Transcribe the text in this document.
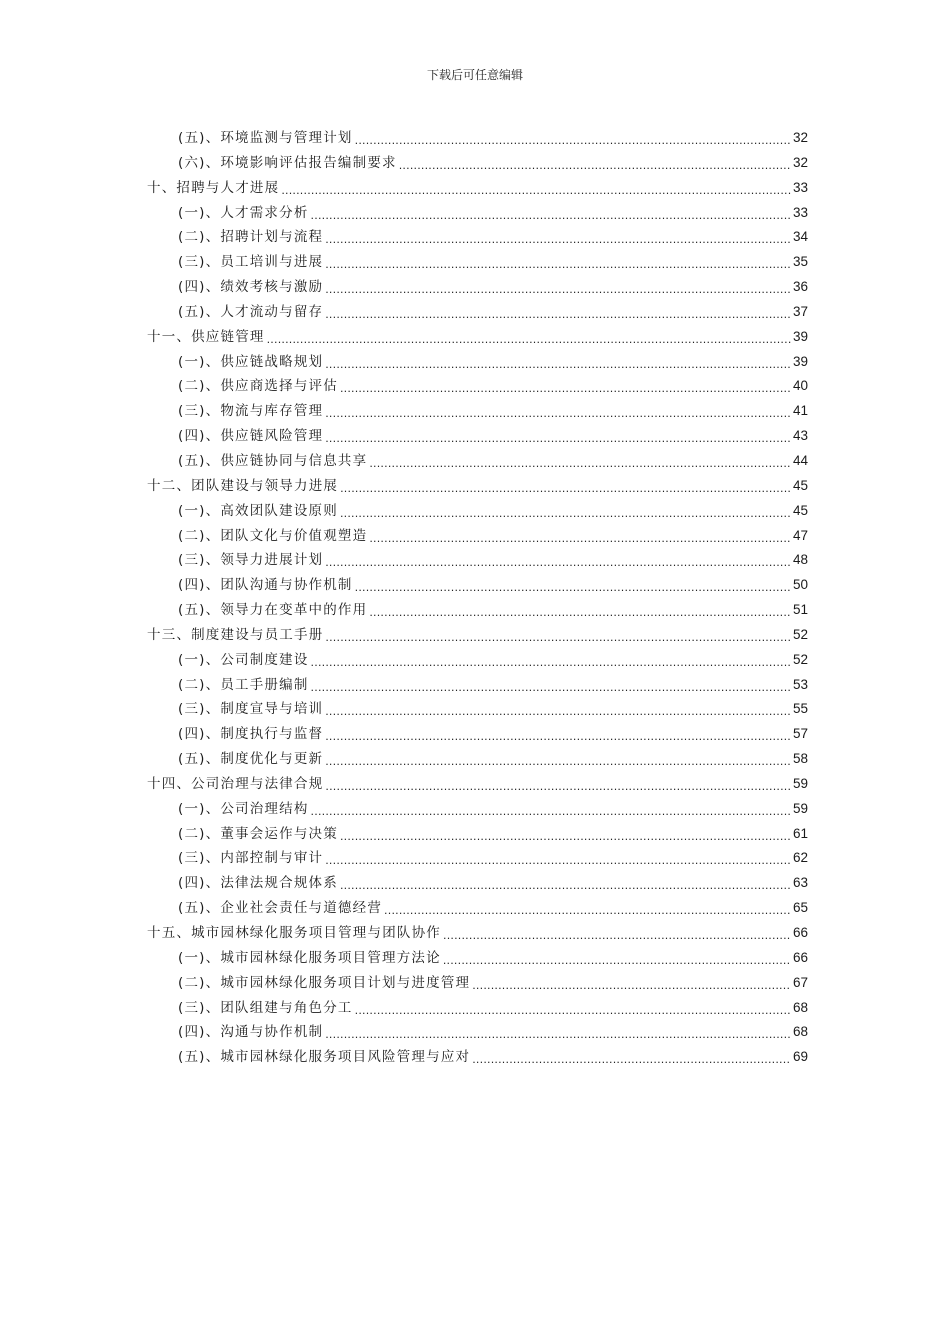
下载后可任意编辑
(五)、环境监测与管理计划 .....	32
(六)、环境影响评估报告编制要求 .....	32
十、招聘与人才进展 .....	33
(一)、人才需求分析 .....	33
(二)、招聘计划与流程 .....	34
(三)、员工培训与进展 .....	35
(四)、绩效考核与激励 .....	36
(五)、人才流动与留存 .....	37
十一、供应链管理 .....	39
(一)、供应链战略规划 .....	39
(二)、供应商选择与评估 .....	40
(三)、物流与库存管理 .....	41
(四)、供应链风险管理 .....	43
(五)、供应链协同与信息共享 .....	44
十二、团队建设与领导力进展 .....	45
(一)、高效团队建设原则 .....	45
(二)、团队文化与价值观塑造 .....	47
(三)、领导力进展计划 .....	48
(四)、团队沟通与协作机制 .....	50
(五)、领导力在变革中的作用 .....	51
十三、制度建设与员工手册 .....	52
(一)、公司制度建设 .....	52
(二)、员工手册编制 .....	53
(三)、制度宣导与培训 .....	55
(四)、制度执行与监督 .....	57
(五)、制度优化与更新 .....	58
十四、公司治理与法律合规 .....	59
(一)、公司治理结构 .....	59
(二)、董事会运作与决策 .....	61
(三)、内部控制与审计 .....	62
(四)、法律法规合规体系 .....	63
(五)、企业社会责任与道德经营 .....	65
十五、城市园林绿化服务项目管理与团队协作 .....	66
(一)、城市园林绿化服务项目管理方法论 .....	66
(二)、城市园林绿化服务项目计划与进度管理 .....	67
(三)、团队组建与角色分工 .....	68
(四)、沟通与协作机制 .....	68
(五)、城市园林绿化服务项目风险管理与应对 .....	69
